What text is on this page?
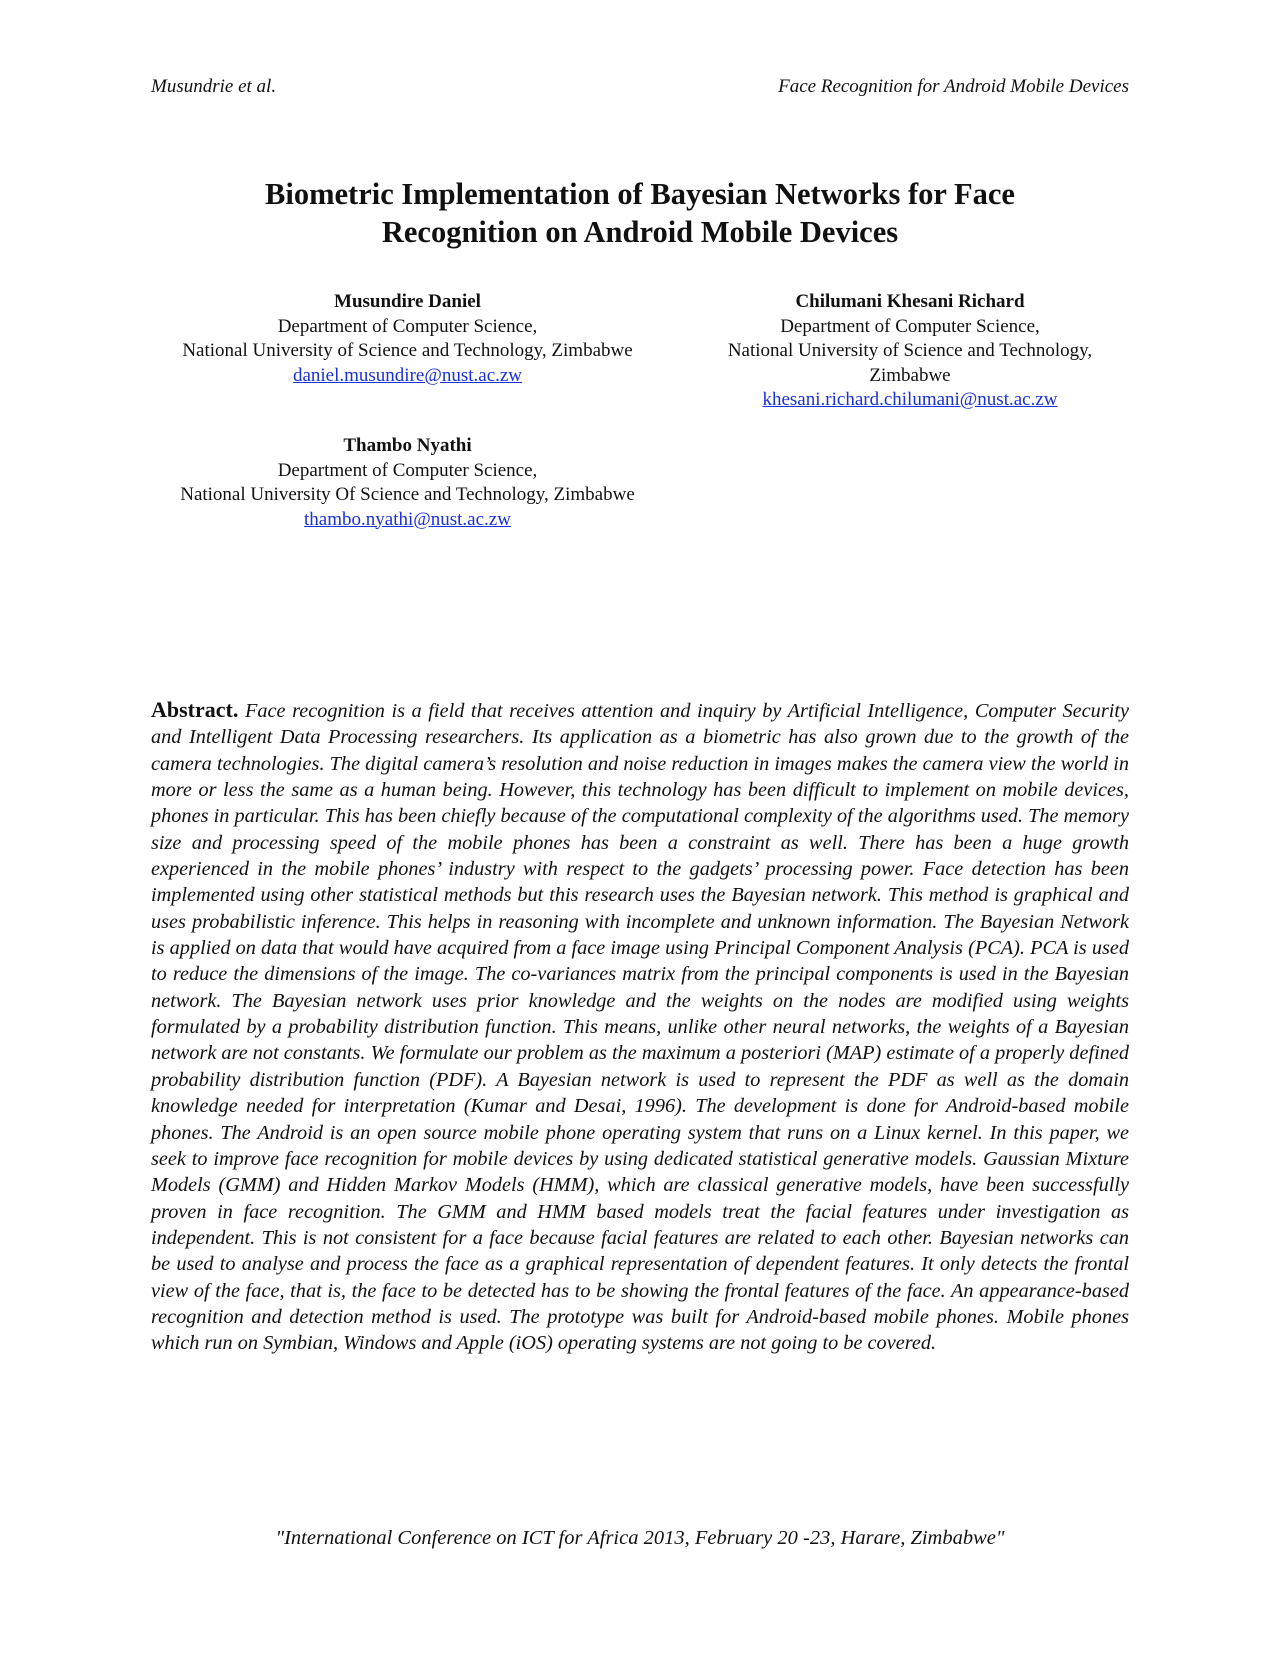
Musundrie et al.	Face Recognition for Android Mobile Devices
Biometric Implementation of Bayesian Networks for Face
Recognition on Android Mobile Devices
Musundire Daniel
Department of Computer Science,
National University of Science and Technology, Zimbabwe
daniel.musundire@nust.ac.zw
Chilumani Khesani Richard
Department of Computer Science,
National University of Science and Technology,
Zimbabwe
khesani.richard.chilumani@nust.ac.zw
Thambo Nyathi
Department of Computer Science,
National University Of Science and Technology, Zimbabwe
thambo.nyathi@nust.ac.zw
Abstract. Face recognition is a field that receives attention and inquiry by Artificial Intelligence, Computer Security and Intelligent Data Processing researchers. Its application as a biometric has also grown due to the growth of the camera technologies. The digital camera’s resolution and noise reduction in images makes the camera view the world in more or less the same as a human being. However, this technology has been difficult to implement on mobile devices, phones in particular. This has been chiefly because of the computational complexity of the algorithms used. The memory size and processing speed of the mobile phones has been a constraint as well. There has been a huge growth experienced in the mobile phones’ industry with respect to the gadgets’ processing power. Face detection has been implemented using other statistical methods but this research uses the Bayesian network. This method is graphical and uses probabilistic inference. This helps in reasoning with incomplete and unknown information. The Bayesian Network is applied on data that would have acquired from a face image using Principal Component Analysis (PCA). PCA is used to reduce the dimensions of the image. The co-variances matrix from the principal components is used in the Bayesian network. The Bayesian network uses prior knowledge and the weights on the nodes are modified using weights formulated by a probability distribution function. This means, unlike other neural networks, the weights of a Bayesian network are not constants. We formulate our problem as the maximum a posteriori (MAP) estimate of a properly defined probability distribution function (PDF). A Bayesian network is used to represent the PDF as well as the domain knowledge needed for interpretation (Kumar and Desai, 1996). The development is done for Android-based mobile phones. The Android is an open source mobile phone operating system that runs on a Linux kernel. In this paper, we seek to improve face recognition for mobile devices by using dedicated statistical generative models. Gaussian Mixture Models (GMM) and Hidden Markov Models (HMM), which are classical generative models, have been successfully proven in face recognition. The GMM and HMM based models treat the facial features under investigation as independent. This is not consistent for a face because facial features are related to each other. Bayesian networks can be used to analyse and process the face as a graphical representation of dependent features. It only detects the frontal view of the face, that is, the face to be detected has to be showing the frontal features of the face. An appearance-based recognition and detection method is used. The prototype was built for Android-based mobile phones. Mobile phones which run on Symbian, Windows and Apple (iOS) operating systems are not going to be covered.
"International Conference on ICT for Africa 2013, February 20 -23, Harare, Zimbabwe"
